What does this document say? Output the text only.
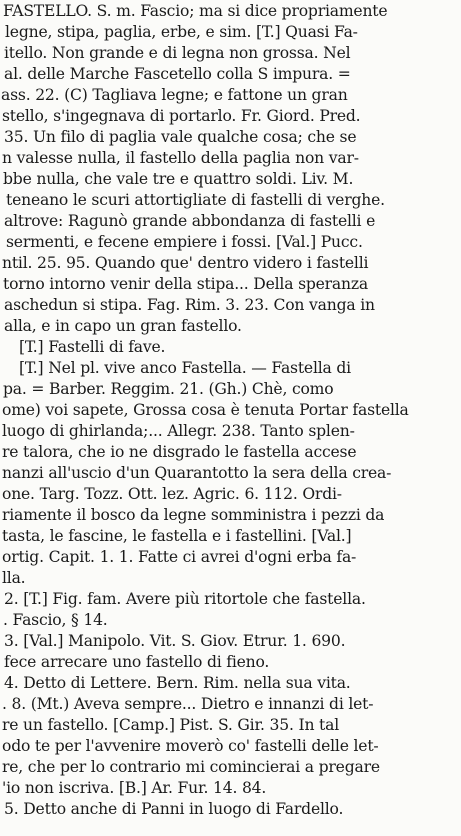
FASTELLO. S. m. Fascio; ma si dice propriamente
legne, stipa, paglia, erbe, e sim. [T.] Quasi Fa-
itello. Non grande e di legna non grossa. Nel
al. delle Marche Fascetello colla S impura. =
ass. 22. (C) Tagliava legne; e fattone un gran
stello, s'ingegnava di portarlo. Fr. Giord. Pred.
35. Un filo di paglia vale qualche cosa; che se
n valesse nulla, il fastello della paglia non var-
bbe nulla, che vale tre e quattro soldi. Liv. M.
teneano le scuri attortigliate di fastelli di verghe.
altrove: Ragunò grande abbondanza di fastelli e
sermenti, e fecene empiere i fossi. [Val.] Pucc.
ntil. 25. 95. Quando que' dentro videro i fastelli
torno intorno venir della stipa... Della speranza
aschedun si stipa. Fag. Rim. 3. 23. Con vanga in
alla, e in capo un gran fastello.
[T.] Fastelli di fave.
[T.] Nel pl. vive anco Fastella. — Fastella di
pa. = Barber. Reggim. 21. (Gh.) Chè, como
ome) voi sapete, Grossa cosa è tenuta Portar fastella
luogo di ghirlanda;... Allegr. 238. Tanto splen-
re talora, che io ne disgrado le fastella accese
nanzi all'uscio d'un Quarantotto la sera della crea-
one. Targ. Tozz. Ott. lez. Agric. 6. 112. Ordi-
riamente il bosco da legne somministra i pezzi da
tasta, le fascine, le fastella e i fastellini. [Val.]
ortig. Capit. 1. 1. Fatte ci avrei d'ogni erba fa-
lla.
2. [T.] Fig. fam. Avere più ritortole che fastella.
. Fascio, § 14.
3. [Val.] Manipolo. Vit. S. Giov. Etrur. 1. 690.
fece arrecare uno fastello di fieno.
4. Detto di Lettere. Bern. Rim. nella sua vita.
. 8. (Mt.) Aveva sempre... Dietro e innanzi di let-
re un fastello. [Camp.] Pist. S. Gir. 35. In tal
odo te per l'avvenire moverò co' fastelli delle let-
re, che per lo contrario mi comincierai a pregare
'io non iscriva. [B.] Ar. Fur. 14. 84.
5. Detto anche di Panni in luogo di Fardello.
